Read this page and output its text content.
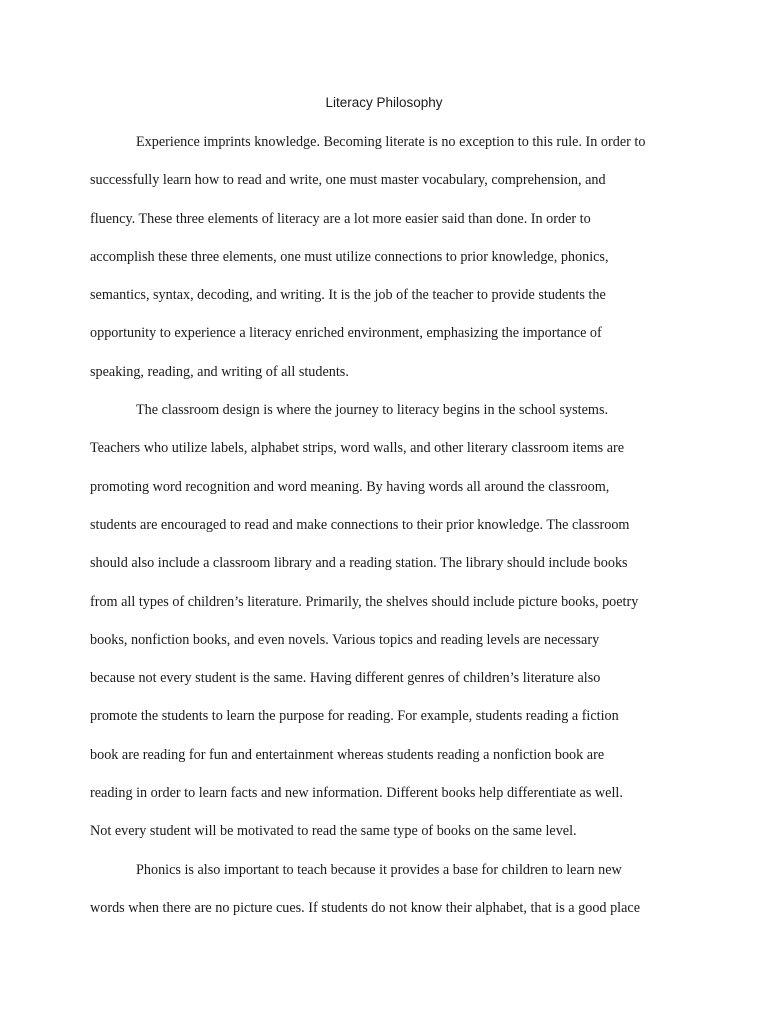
Literacy Philosophy

Experience imprints knowledge. Becoming literate is no exception to this rule. In order to
successfully learn how to read and write, one must master vocabulary, comprehension, and
fluency. These three elements of literacy are a lot more easier said than done. In order to
accomplish these three elements, one must utilize connections to prior knowledge, phonics,
semantics, syntax, decoding, and writing. It is the job of the teacher to provide students the
opportunity to experience a literacy enriched environment, emphasizing the importance of
speaking, reading, and writing of all students.

The classroom design is where the journey to literacy begins in the school systems.
Teachers who utilize labels, alphabet strips, word walls, and other literary classroom items are
promoting word recognition and word meaning. By having words all around the classroom,
students are encouraged to read and make connections to their prior knowledge. The classroom
should also include a classroom library and a reading station. The library should include books
from all types of children’s literature. Primarily, the shelves should include picture books, poetry
books, nonfiction books, and even novels. Various topics and reading levels are necessary
because not every student is the same. Having different genres of children’s literature also
promote the students to learn the purpose for reading. For example, students reading a fiction
book are reading for fun and entertainment whereas students reading a nonfiction book are
reading in order to learn facts and new information. Different books help differentiate as well.
Not every student will be motivated to read the same type of books on the same level.

Phonics is also important to teach because it provides a base for children to learn new
words when there are no picture cues. If students do not know their alphabet, that is a good place
